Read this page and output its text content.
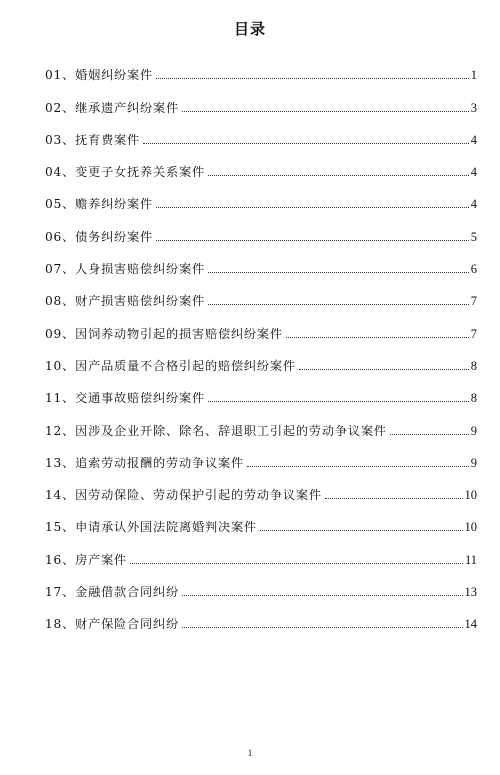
目录
01、婚姻纠纷案件	1
02、继承遗产纠纷案件	3
03、抚育费案件	4
04、变更子女抚养关系案件	4
05、赡养纠纷案件	4
06、债务纠纷案件	5
07、人身损害赔偿纠纷案件	6
08、财产损害赔偿纠纷案件	7
09、因饲养动物引起的损害赔偿纠纷案件	7
10、因产品质量不合格引起的赔偿纠纷案件	8
11、交通事故赔偿纠纷案件	8
12、因涉及企业开除、除名、辞退职工引起的劳动争议案件	9
13、追索劳动报酬的劳动争议案件	9
14、因劳动保险、劳动保护引起的劳动争议案件	10
15、申请承认外国法院离婚判决案件	10
16、房产案件	11
17、金融借款合同纠纷	13
18、财产保险合同纠纷	14
1
